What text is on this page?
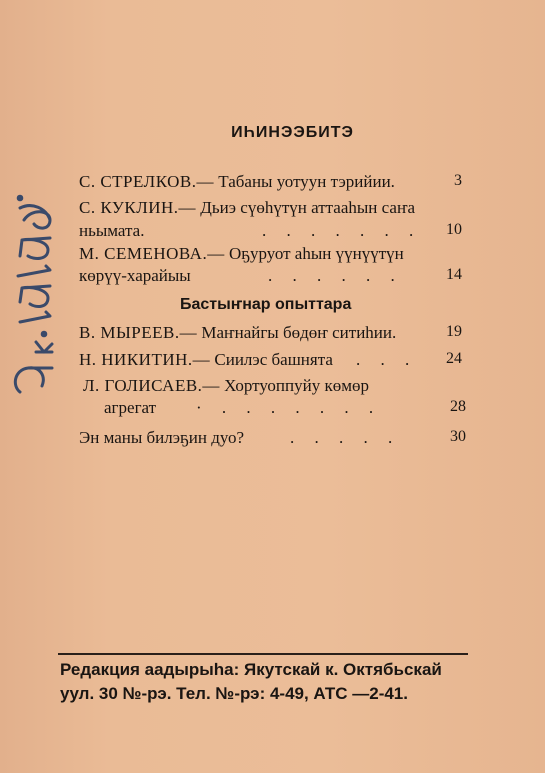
ИҺИНЭЭБИТЭ
С. СТРЕЛКОВ.— Табаны уотуун тэрийии.	3
С. КУКЛИН.— Дьиэ сүөһүтүн аттааһын саҥа
ньымата.	. . . . . . .	10
М. СЕМЕНОВА.— Оҕуруот аһын үүнүүтүн
көрүү-харайыы	. . . . . .	14
Бастыҥнар опыттара
В. МЫРЕЕВ.— Маҥнайгы бөдөҥ ситиһии.	19
Н. НИКИТИН.— Сиилэс башнята . . .	24
Л. ГОЛИСАЕВ.— Хортуоппуйу көмөр
агрегат · . . . . . . .	28
Эн маны билэҕин дуо?	. . . . .	30
Редакция аадырыһа: Якутскай к. Октябьскай
уул. 30 №-рэ. Тел. №-рэ: 4-49, АТС —2-41.
